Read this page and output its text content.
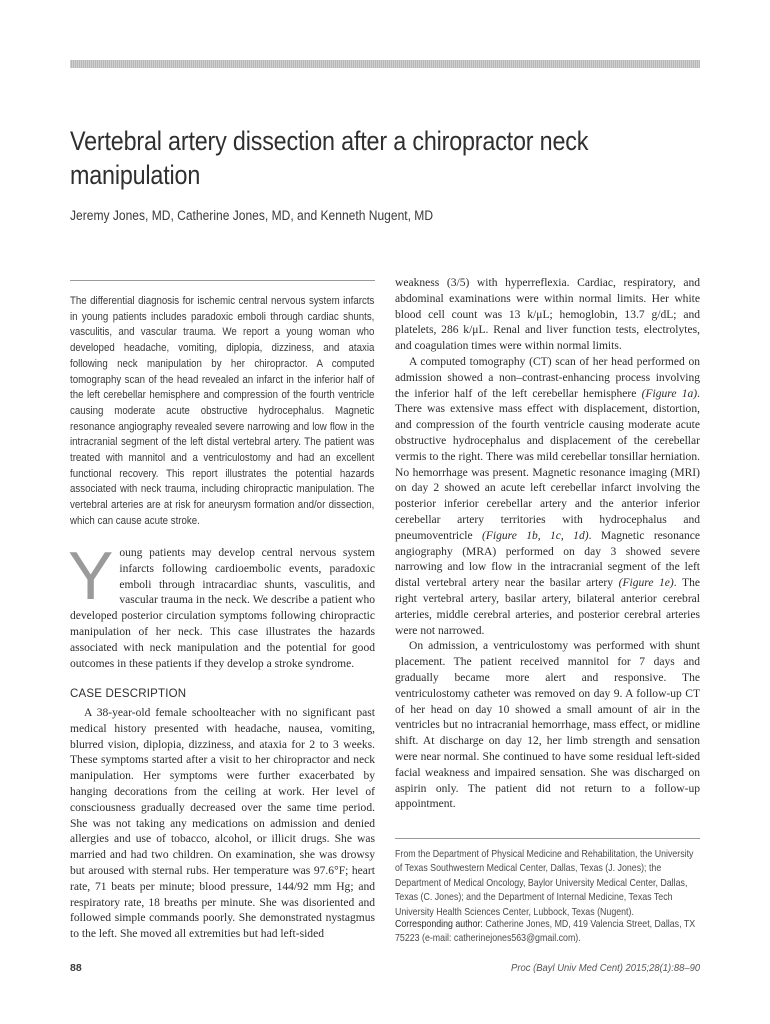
Vertebral artery dissection after a chiropractor neck manipulation

Jeremy Jones, MD, Catherine Jones, MD, and Kenneth Nugent, MD

The differential diagnosis for ischemic central nervous system infarcts in young patients includes paradoxic emboli through cardiac shunts, vasculitis, and vascular trauma. We report a young woman who developed headache, vomiting, diplopia, dizziness, and ataxia following neck manipulation by her chiropractor. A computed tomography scan of the head revealed an infarct in the inferior half of the left cerebellar hemisphere and compression of the fourth ventricle causing moderate acute obstructive hydrocephalus. Magnetic resonance angiography revealed severe narrowing and low flow in the intracranial segment of the left distal vertebral artery. The patient was treated with mannitol and a ventriculostomy and had an excellent functional recovery. This report illustrates the potential hazards associated with neck trauma, including chiropractic manipulation. The vertebral arteries are at risk for aneurysm formation and/or dissection, which can cause acute stroke.

Young patients may develop central nervous system infarcts following cardioembolic events, paradoxic emboli through intracardiac shunts, vasculitis, and vascular trauma in the neck. We describe a patient who developed posterior circulation symptoms following chiropractic manipulation of her neck. This case illustrates the hazards associated with neck manipulation and the potential for good outcomes in these patients if they develop a stroke syndrome.

CASE DESCRIPTION

A 38-year-old female schoolteacher with no significant past medical history presented with headache, nausea, vomiting, blurred vision, diplopia, dizziness, and ataxia for 2 to 3 weeks. These symptoms started after a visit to her chiropractor and neck manipulation. Her symptoms were further exacerbated by hanging decorations from the ceiling at work. Her level of consciousness gradually decreased over the same time period. She was not taking any medications on admission and denied allergies and use of tobacco, alcohol, or illicit drugs. She was married and had two children. On examination, she was drowsy but aroused with sternal rubs. Her temperature was 97.6°F; heart rate, 71 beats per minute; blood pressure, 144/92 mm Hg; and respiratory rate, 18 breaths per minute. She was disoriented and followed simple commands poorly. She demonstrated nystagmus to the left. She moved all extremities but had left-sided

weakness (3/5) with hyperreflexia. Cardiac, respiratory, and abdominal examinations were within normal limits. Her white blood cell count was 13 k/μL; hemoglobin, 13.7 g/dL; and platelets, 286 k/μL. Renal and liver function tests, electrolytes, and coagulation times were within normal limits.

A computed tomography (CT) scan of her head performed on admission showed a non–contrast-enhancing process involving the inferior half of the left cerebellar hemisphere (Figure 1a). There was extensive mass effect with displacement, distortion, and compression of the fourth ventricle causing moderate acute obstructive hydrocephalus and displacement of the cerebellar vermis to the right. There was mild cerebellar tonsillar herniation. No hemorrhage was present. Magnetic resonance imaging (MRI) on day 2 showed an acute left cerebellar infarct involving the posterior inferior cerebellar artery and the anterior inferior cerebellar artery territories with hydrocephalus and pneumoventricle (Figure 1b, 1c, 1d). Magnetic resonance angiography (MRA) performed on day 3 showed severe narrowing and low flow in the intracranial segment of the left distal vertebral artery near the basilar artery (Figure 1e). The right vertebral artery, basilar artery, bilateral anterior cerebral arteries, middle cerebral arteries, and posterior cerebral arteries were not narrowed.

On admission, a ventriculostomy was performed with shunt placement. The patient received mannitol for 7 days and gradually became more alert and responsive. The ventriculostomy catheter was removed on day 9. A follow-up CT of her head on day 10 showed a small amount of air in the ventricles but no intracranial hemorrhage, mass effect, or midline shift. At discharge on day 12, her limb strength and sensation were near normal. She continued to have some residual left-sided facial weakness and impaired sensation. She was discharged on aspirin only. The patient did not return to a follow-up appointment.

From the Department of Physical Medicine and Rehabilitation, the University of Texas Southwestern Medical Center, Dallas, Texas (J. Jones); the Department of Medical Oncology, Baylor University Medical Center, Dallas, Texas (C. Jones); and the Department of Internal Medicine, Texas Tech University Health Sciences Center, Lubbock, Texas (Nugent).

Corresponding author: Catherine Jones, MD, 419 Valencia Street, Dallas, TX 75223 (e-mail: catherinejones563@gmail.com).

88	Proc (Bayl Univ Med Cent) 2015;28(1):88–90
